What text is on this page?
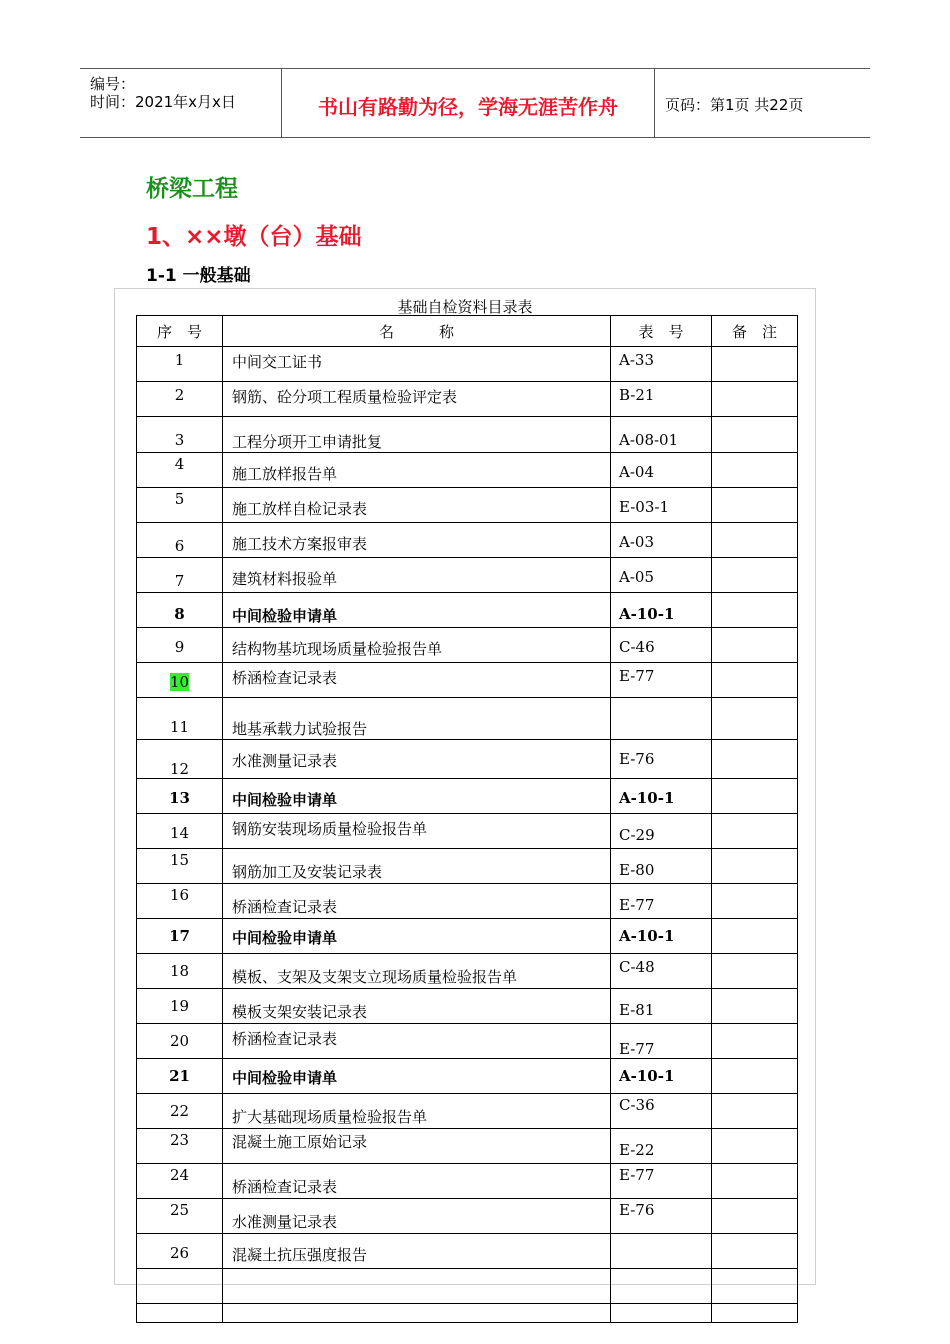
编号：
时间：2021年x月x日	书山有路勤为径，学海无涯苦作舟	页码：第1页 共22页
桥梁工程
1、××墩（台）基础
1-1 一般基础
基础自检资料目录表
序　号	名　　　称	表　号	备　注
1	中间交工证书	A-33	
2	钢筋、砼分项工程质量检验评定表	B-21	
3	工程分项开工申请批复	A-08-01	
4	施工放样报告单	A-04	
5	施工放样自检记录表	E-03-1	
6	施工技术方案报审表	A-03	
7	建筑材料报验单	A-05	
8	中间检验申请单	A-10-1	
9	结构物基坑现场质量检验报告单	C-46	
10	桥涵检查记录表	E-77	
11	地基承载力试验报告		
12	水准测量记录表	E-76	
13	中间检验申请单	A-10-1	
14	钢筋安装现场质量检验报告单	C-29	
15	钢筋加工及安装记录表	E-80	
16	桥涵检查记录表	E-77	
17	中间检验申请单	A-10-1	
18	模板、支架及支架支立现场质量检验报告单	C-48	
19	模板支架安装记录表	E-81	
20	桥涵检查记录表	E-77	
21	中间检验申请单	A-10-1	
22	扩大基础现场质量检验报告单	C-36	
23	混凝土施工原始记录	E-22	
24	桥涵检查记录表	E-77	
25	水准测量记录表	E-76	
26	混凝土抗压强度报告		
